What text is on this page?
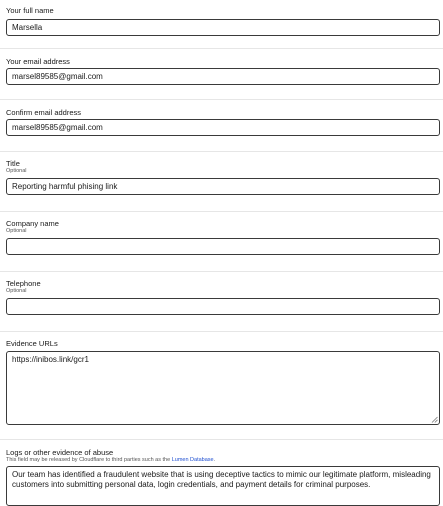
Your full name

Marsella

Your email address

marsel89585@gmail.com

Confirm email address

marsel89585@gmail.com

Title

Optional

Reporting harmful phising link

Company name

Optional

Telephone

Optional

Evidence URLs

https://inibos.link/gcr1

Logs or other evidence of abuse

This field may be released by Cloudflare to third parties such as the Lumen Database.

Our team has identified a fraudulent website that is using deceptive tactics to mimic our legitimate platform, misleading customers into submitting personal data, login credentials, and payment details for criminal purposes.
